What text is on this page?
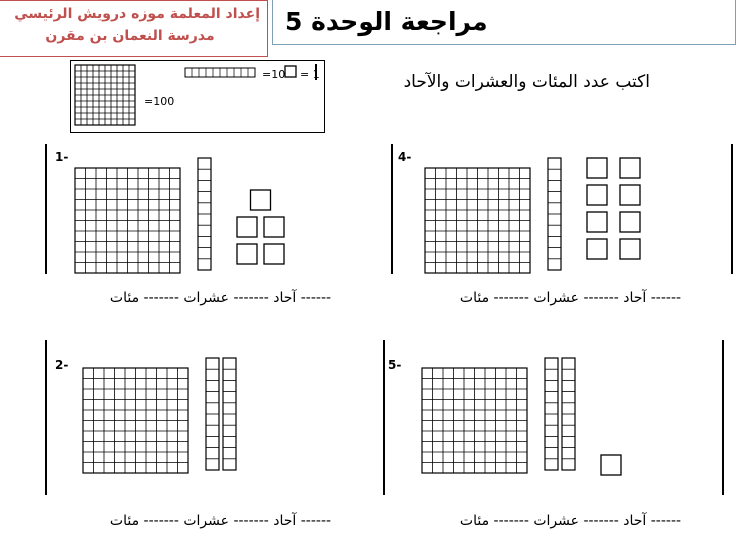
مراجعة الوحدة 5
إعداد المعلمة موزه درويش الرئيسي
مدرسة النعمان بن مقرن
=100
=10 = 1	اكتب عدد المئات والعشرات والآحاد
1-	4-
2-	5-
------ آحاد ------- عشرات ------- مئات	------ آحاد ------- عشرات ------- مئات
------ آحاد ------- عشرات ------- مئات	------ آحاد ------- عشرات ------- مئات
